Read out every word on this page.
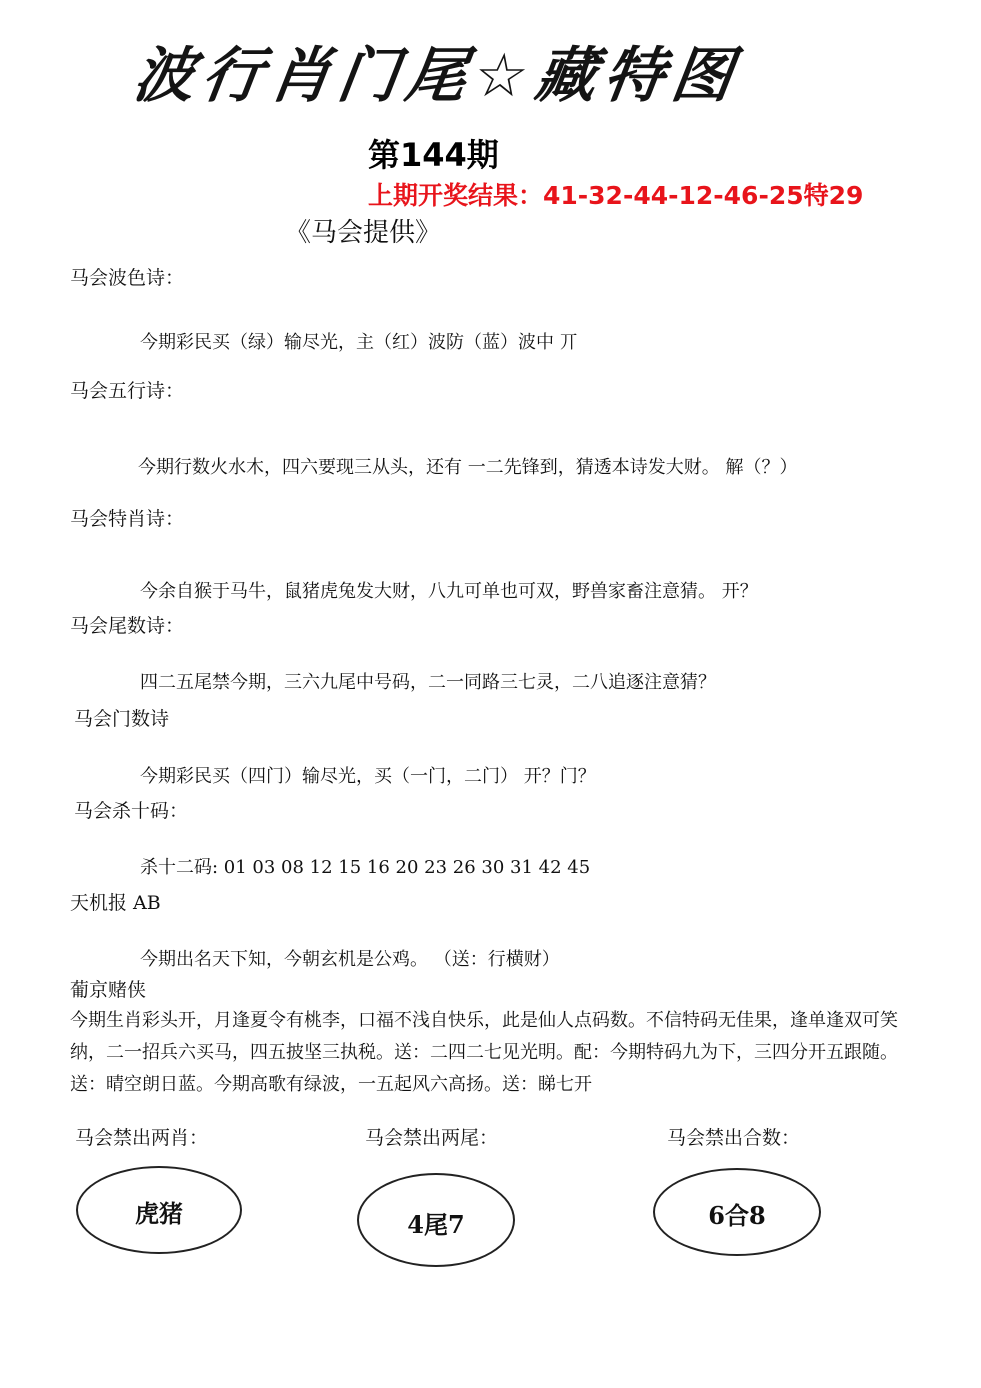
波行肖门尾☆藏特图
第144期
上期开奖结果：41-32-44-12-46-25特29
《马会提供》
马会波色诗：
今期彩民买（绿）输尽光，主（红）波防（蓝）波中 丌
马会五行诗：
今期行数火水木，四六要现三从头，还有 一二先锋到，猜透本诗发大财。 解（？）
马会特肖诗：
今余自猴于马牛，鼠猪虎兔发大财，八九可单也可双，野兽家畜注意猜。 开？
马会尾数诗：
四二五尾禁今期，三六九尾中号码，二一同路三七灵，二八追逐注意猜？
马会门数诗
今期彩民买（四门）输尽光，买（一门，二门） 开？门？
马会杀十码：
杀十二码: 01 03 08 12 15 16 20 23 26 30 31 42 45
天机报 AB
今期出名天下知，今朝玄机是公鸡。 （送：行横财）
葡京赌侠
今期生肖彩头开，月逢夏令有桃李，口福不浅自快乐，此是仙人点码数。不信特码无佳果，逢单逢双可笑纳，二一招兵六买马，四五披坚三执税。送：二四二七见光明。配：今期特码九为下，三四分开五跟随。送：晴空朗日蓝。今期高歌有绿波，一五起风六高扬。送：睇七开
马会禁出两肖：	马会禁出两尾：	马会禁出合数：
虎猪	4尾7	6合8
